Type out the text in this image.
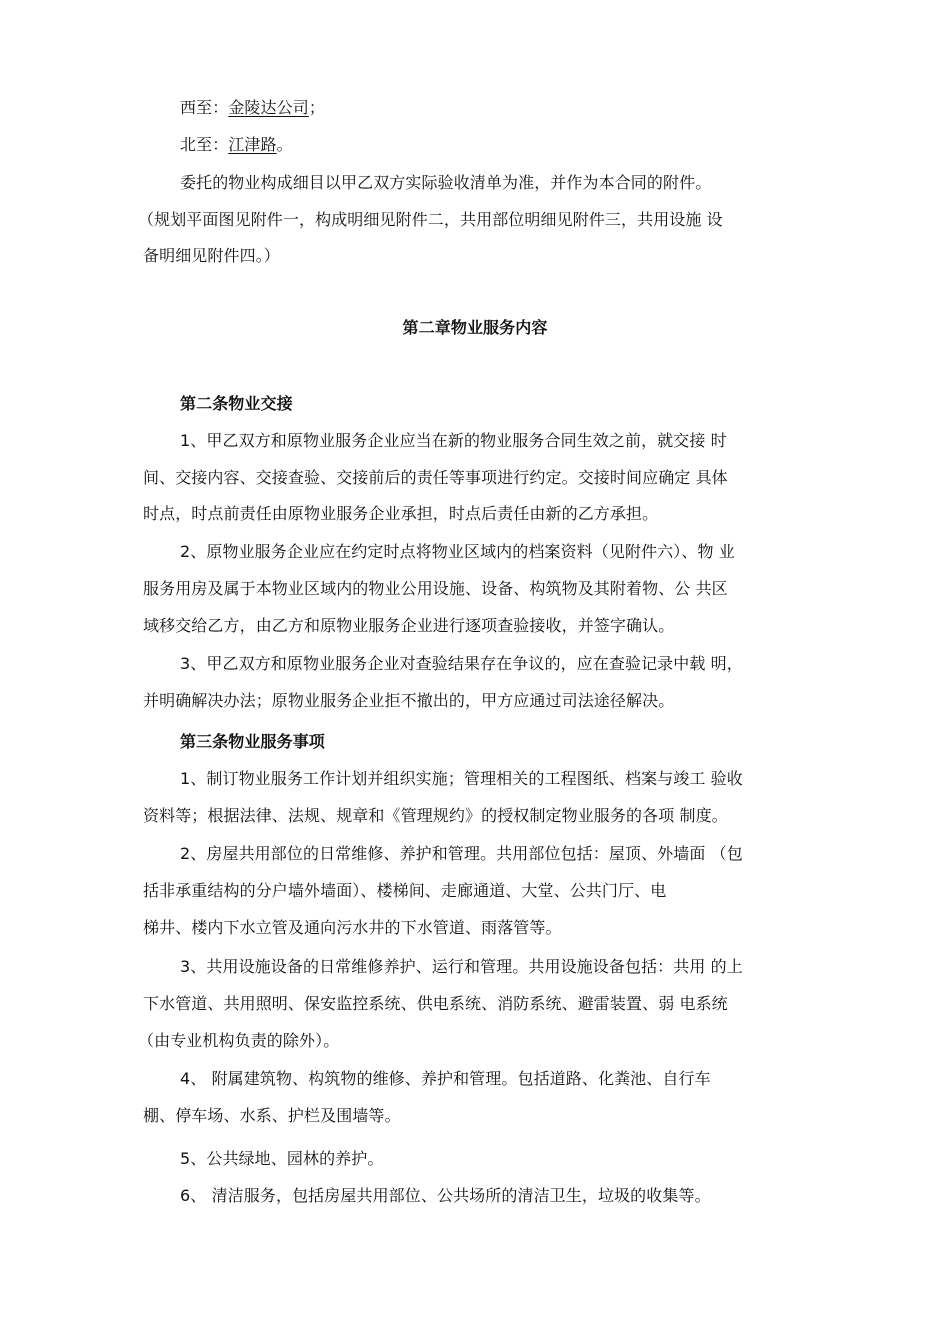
西至：金陵达公司；
北至：江津路。
委托的物业构成细目以甲乙双方实际验收清单为准，并作为本合同的附件。
（规划平面图见附件一，构成明细见附件二，共用部位明细见附件三，共用设施 设
备明细见附件四。）
第二章物业服务内容
第二条物业交接
1、甲乙双方和原物业服务企业应当在新的物业服务合同生效之前，就交接 时
间、交接内容、交接查验、交接前后的责任等事项进行约定。交接时间应确定 具体
时点，时点前责任由原物业服务企业承担，时点后责任由新的乙方承担。
2、原物业服务企业应在约定时点将物业区域内的档案资料（见附件六）、物 业
服务用房及属于本物业区域内的物业公用设施、设备、构筑物及其附着物、公 共区
域移交给乙方，由乙方和原物业服务企业进行逐项查验接收，并签字确认。
3、甲乙双方和原物业服务企业对查验结果存在争议的，应在查验记录中载 明，
并明确解决办法；原物业服务企业拒不撤出的，甲方应通过司法途径解决。
第三条物业服务事项
1、制订物业服务工作计划并组织实施；管理相关的工程图纸、档案与竣工 验收
资料等；根据法律、法规、规章和《管理规约》的授权制定物业服务的各项 制度。
2、房屋共用部位的日常维修、养护和管理。共用部位包括：屋顶、外墙面 （包
括非承重结构的分户墙外墙面）、楼梯间、走廊通道、大堂、公共门厅、电
梯井、楼内下水立管及通向污水井的下水管道、雨落管等。
3、共用设施设备的日常维修养护、运行和管理。共用设施设备包括：共用 的上
下水管道、共用照明、保安监控系统、供电系统、消防系统、避雷装置、弱 电系统
（由专业机构负责的除外）。
4、 附属建筑物、构筑物的维修、养护和管理。包括道路、化粪池、自行车
棚、停车场、水系、护栏及围墙等。
5、公共绿地、园林的养护。
6、 清洁服务，包括房屋共用部位、公共场所的清洁卫生，垃圾的收集等。
